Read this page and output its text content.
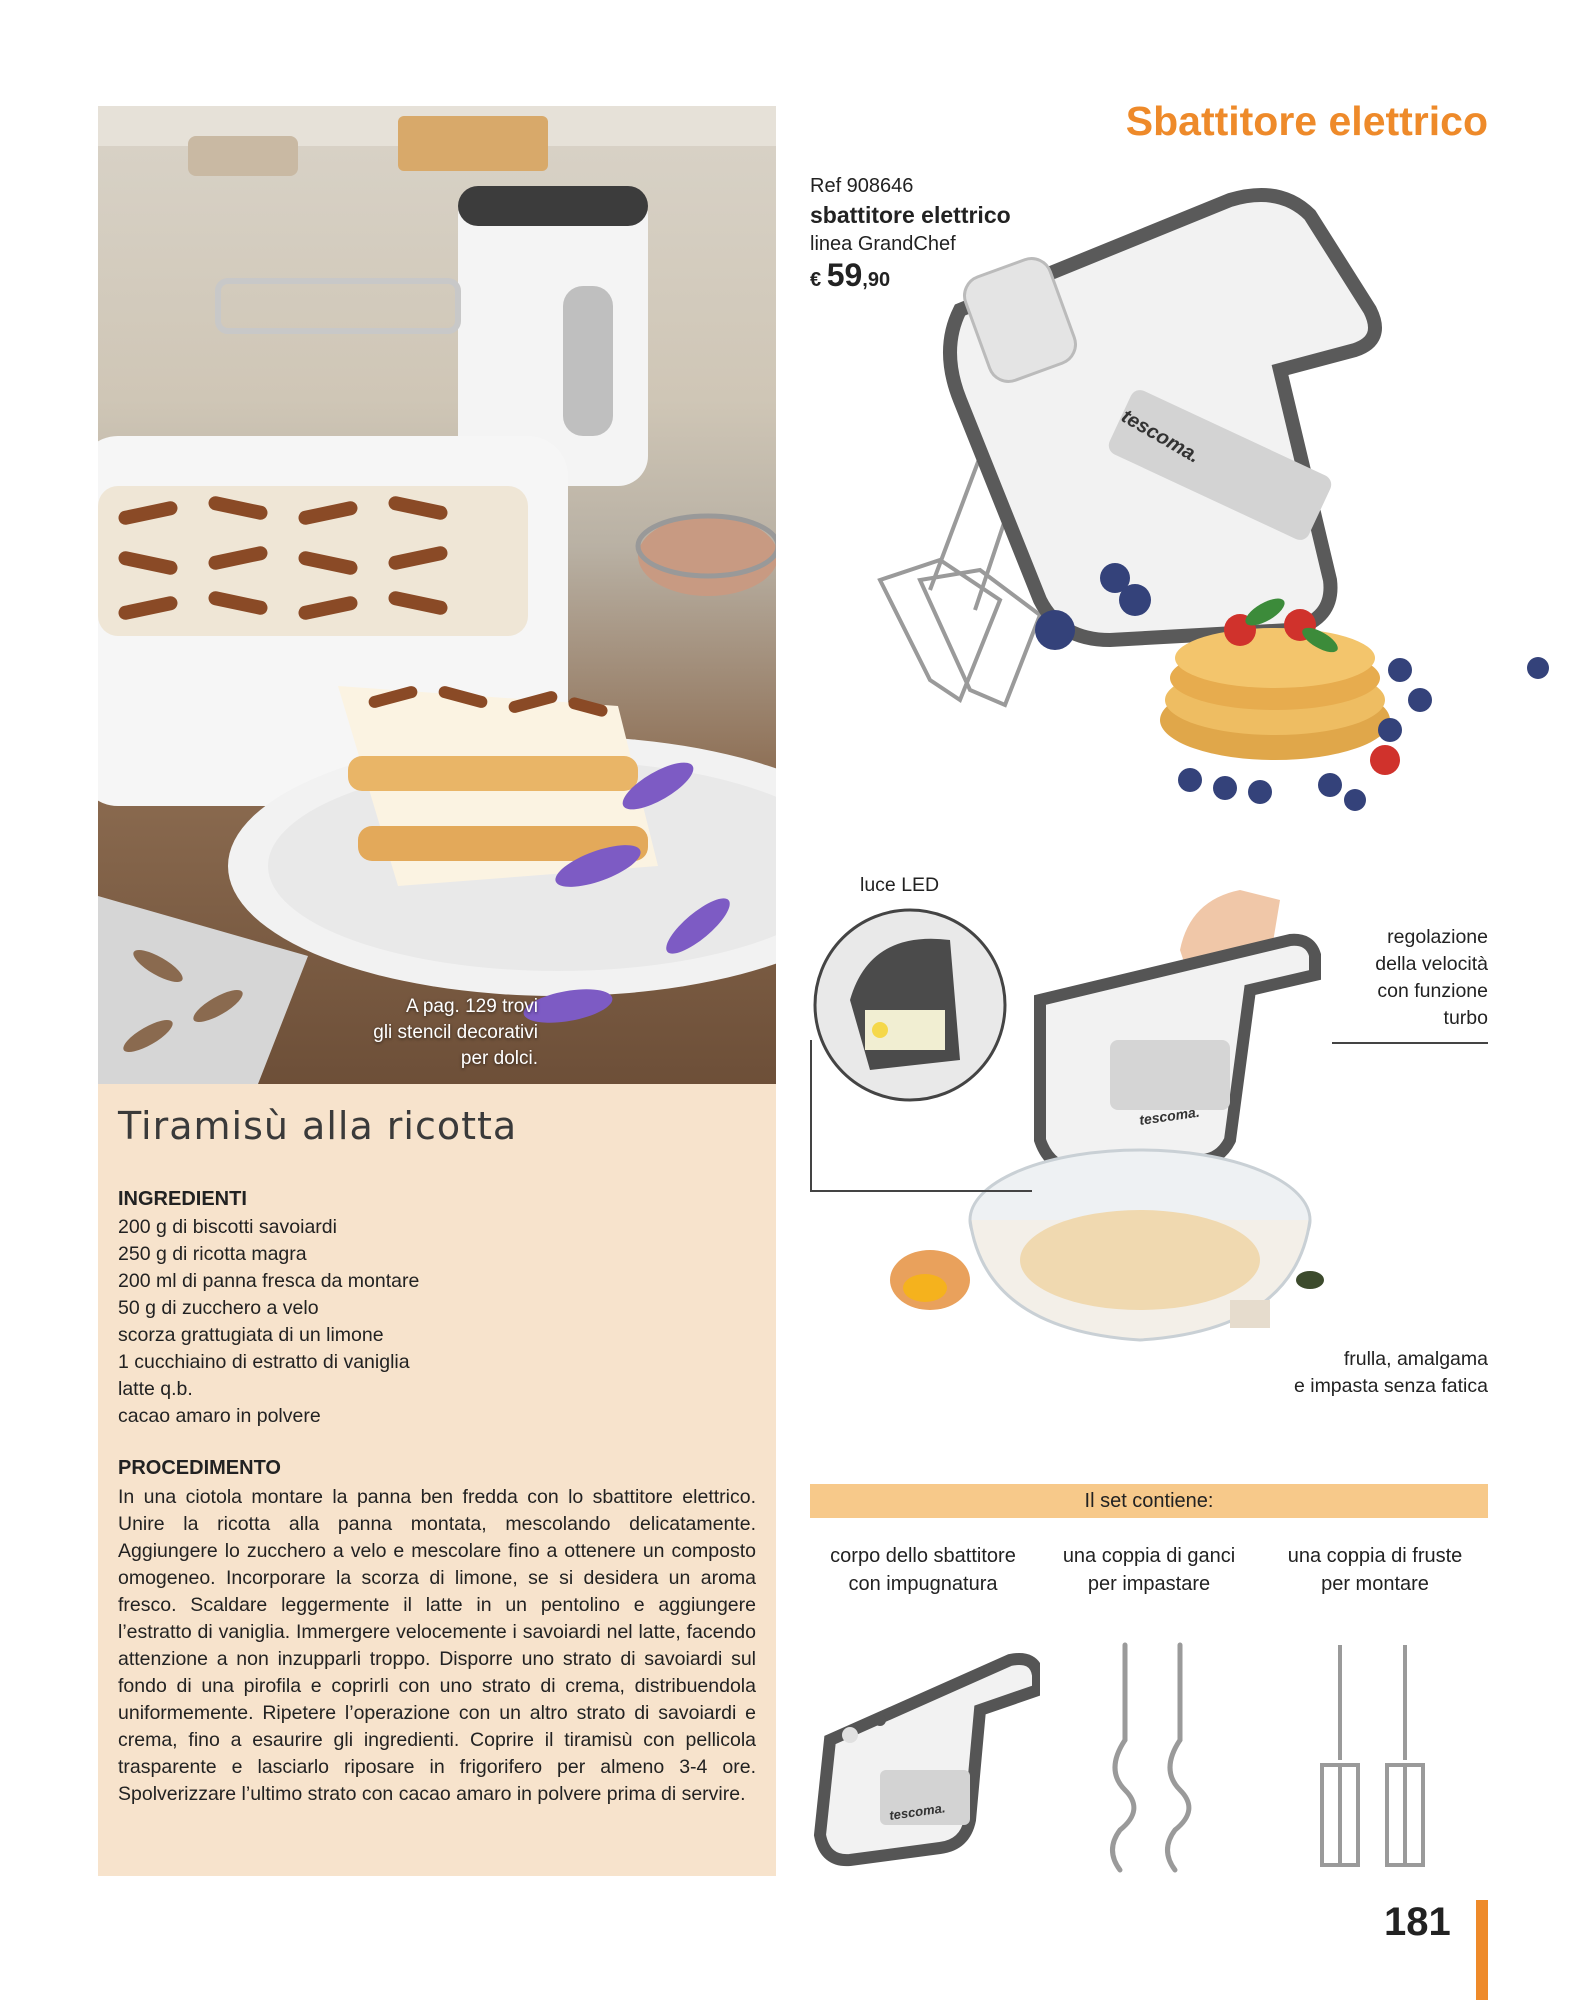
A pag. 129 trovi
gli stencil decorativi
per dolci.
Tiramisù alla ricotta
INGREDIENTI
200 g di biscotti savoiardi
250 g di ricotta magra
200 ml di panna fresca da montare
50 g di zucchero a velo
scorza grattugiata di un limone
1 cucchiaino di estratto di vaniglia
latte q.b.
cacao amaro in polvere
PROCEDIMENTO

In una ciotola montare la panna ben fredda con lo sbattitore elettrico. Unire la ricotta alla panna montata, mescolando delicatamente. Aggiungere lo zucchero a velo e mescolare fino a ottenere un composto omogeneo. Incorporare la scorza di limone, se si desidera un aroma fresco. Scaldare leggermente il latte in un pentolino e aggiungere l’estratto di vaniglia. Immergere velocemente i savoiardi nel latte, facendo attenzione a non inzupparli troppo. Disporre uno strato di savoiardi sul fondo di una pirofila e coprirli con uno strato di crema, distribuendola uniformemente. Ripetere l’operazione con un altro strato di savoiardi e crema, fino a esaurire gli ingredienti. Coprire il tiramisù con pellicola trasparente e lasciarlo riposare in frigorifero per almeno 3-4 ore. Spolverizzare l’ultimo strato con cacao amaro in polvere prima di servire.

Sbattitore elettrico
Ref 908646
sbattitore elettrico
linea GrandChef
€ 59,90
tescoma.
tescoma.
luce LED
regolazione
della velocità
con funzione
turbo
frulla, amalgama
e impasta senza fatica
Il set contiene:
corpo dello sbattitore
con impugnatura
una coppia di ganci
per impastare
una coppia di fruste
per montare
tescoma.
181
